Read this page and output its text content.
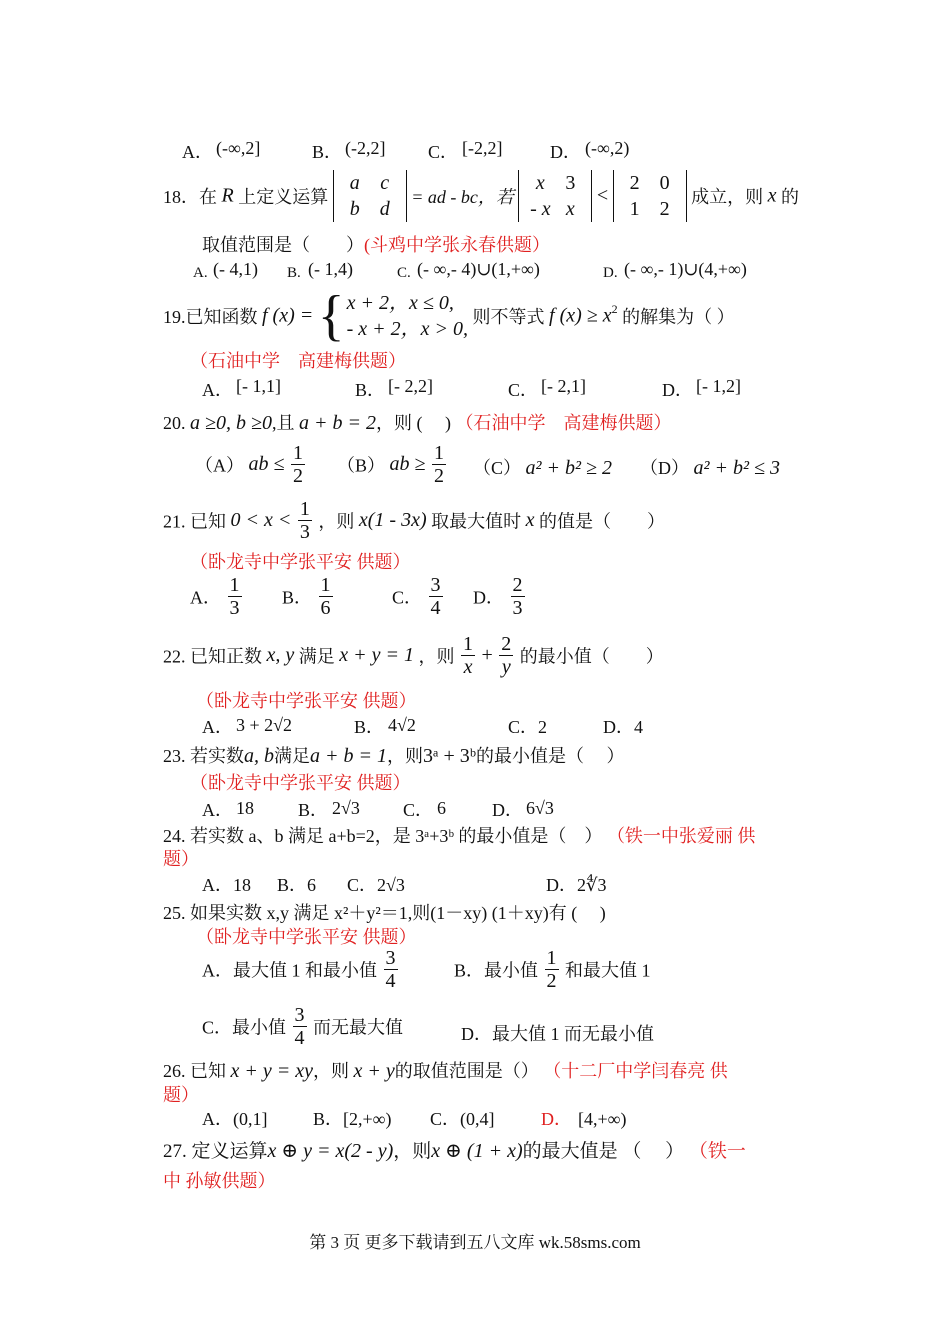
A． (-∞,2]	B． (-2,2] C． [-2,2]	D． (-∞,2)
18．在 R 上定义运算 a c
b d = ad - bc，若 x 3
- x x < 2 0
1 2 成立，则 x 的
取值范围是（　　）(斗鸡中学张永春供题）
A. (- 4,1) B. (- 1,4)	C. (- ∞,- 4)∪(1,+∞)	D. (- ∞,- 1)∪(4,+∞)
19.已知函数 f (x) = { x + 2，x ≤ 0,
- x + 2，x > 0, 则不等式 f $(x) \ge x^2$ 的解集为（ ）
（石油中学　高建梅供题）
A． [- 1,1]	B． [- 2,2]	C． [- 2,1]	D． [- 1,2]
20. a ≥0, b ≥0,且 a + b = 2，则 (　 ) （石油中学　高建梅供题）
（A） ab ≤ $\frac{1}{2} (B)$ ab ≥ $\frac{1}{2} (C) a^2 + b^2 \ge 2$ （D） a² + b² ≤ 3
21. 已知 $0 < x < \frac{1}{3}$ ，则 x(1 - 3x) 取最大值时 x 的值是（　　）
（卧龙寺中学张平安 供题）
A． $\frac{1}{3}$ B． $\frac{1}{6}$	C． $\frac{3}{4}$ D． $\frac{2}{3}$
22. 已知正数 x, y 满足 x + y = 1 ，则 $\frac{1}{x} + \frac{2}{y}$ 的最小值（　　）
（卧龙寺中学张平安 供题）
A． 3 + 2√2	B． 4√2	C．2	D．4
23. 若实数a, b满足a + b = 1，则3ᵃ + 3ᵇ的最小值是（　 ）
（卧龙寺中学张平安 供题）
A． 18 B． 2√3 C． 6	D． 6√3
24. 若实数 a、b 满足 a+b=2，是 3ᵃ+3ᵇ 的最小值是（　） （铁一中张爱丽 供
题）
A．18 B．6 C．2√3	D．2∜3
25. 如果实数 x,y 满足 x²＋y²＝1,则(1－xy) (1＋xy)有 (　 )
（卧龙寺中学张平安 供题）
A．最大值 1 和最小值 $\frac{3}{4}$	B．最小值 $\frac{1}{2}$ 和最大值 1
C．最小值 $\frac{3}{4}$ 而无最大值	D．最大值 1 而无最小值
26. 已知 x + y = xy，则 x + y的取值范围是（） （十二厂中学闫春亮 供
题）
A．(0,1]	B．[2,+∞) C．(0,4]	D． [4,+∞)
27. 定义运算x ⊕ y = x(2 - y)，则x ⊕ (1 + x)的最大值是 （　 ） （铁一
中 孙敏供题）
第 3 页 更多下载请到五八文库 wk.58sms.com
